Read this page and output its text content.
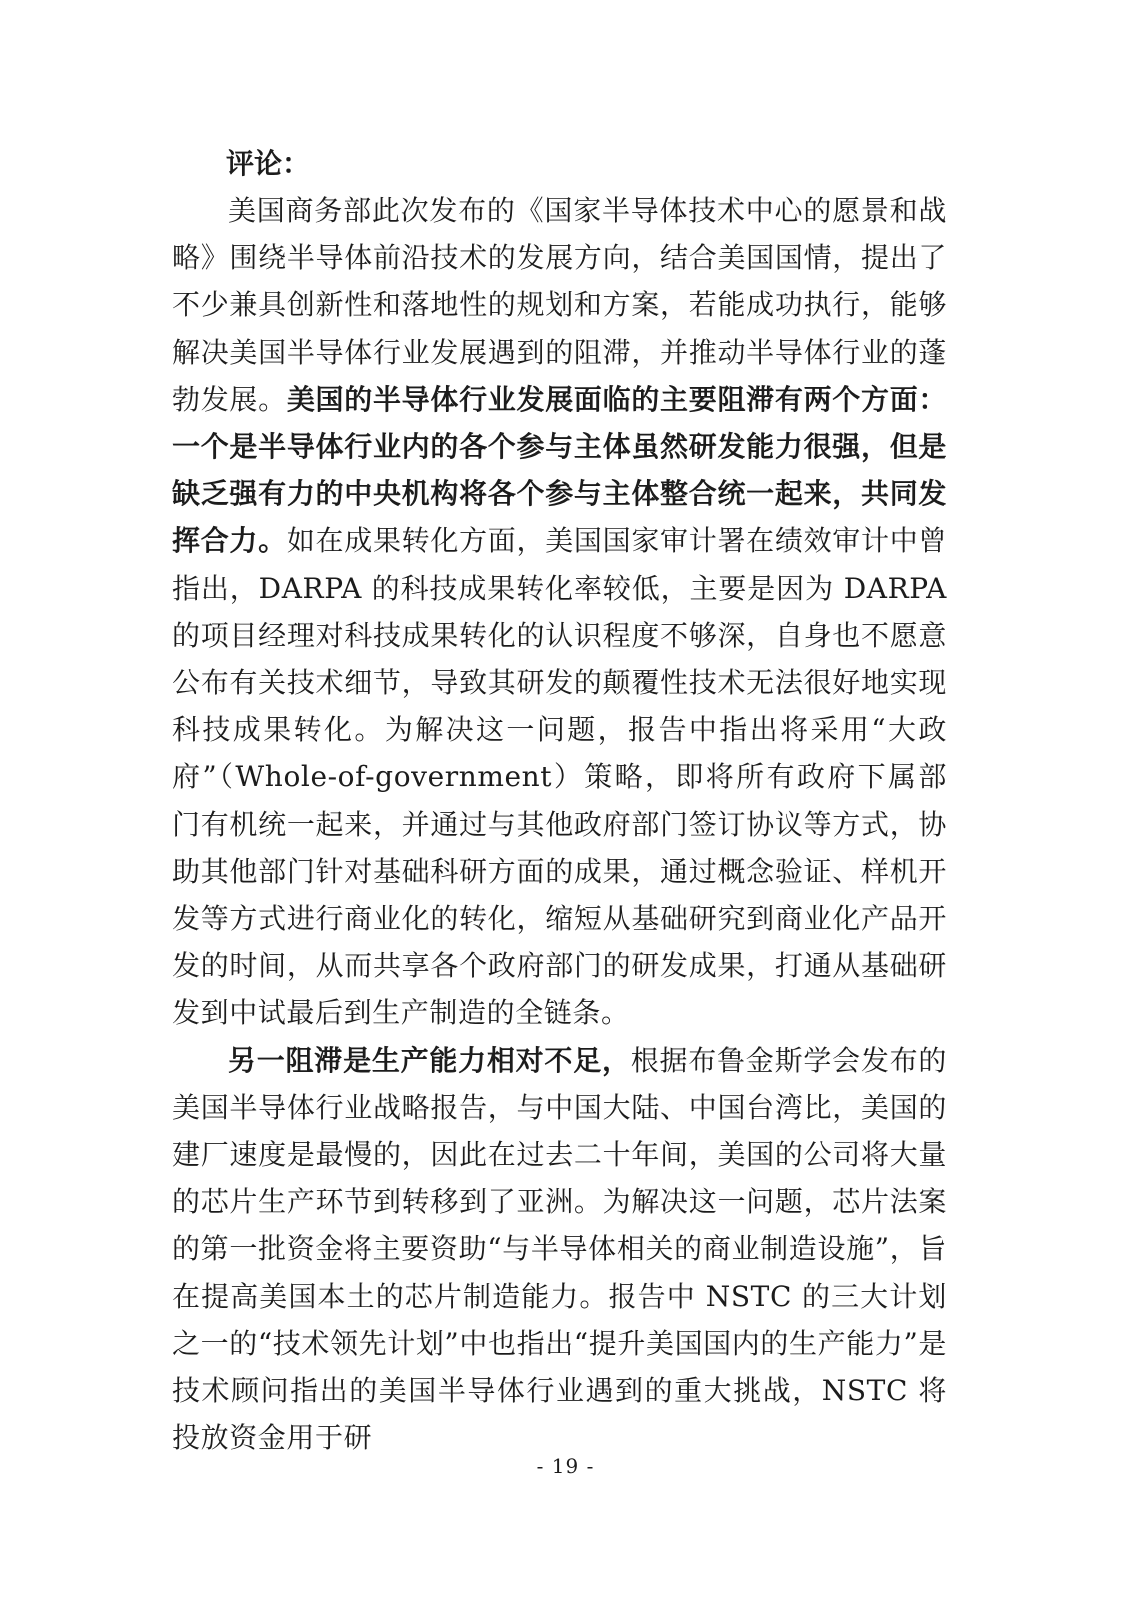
评论：

美国商务部此次发布的《国家半导体技术中心的愿景和战略》围绕半导体前沿技术的发展方向，结合美国国情，提出了不少兼具创新性和落地性的规划和方案，若能成功执行，能够解决美国半导体行业发展遇到的阻滞，并推动半导体行业的蓬勃发展。美国的半导体行业发展面临的主要阻滞有两个方面：一个是半导体行业内的各个参与主体虽然研发能力很强，但是缺乏强有力的中央机构将各个参与主体整合统一起来，共同发挥合力。如在成果转化方面，美国国家审计署在绩效审计中曾指出，DARPA 的科技成果转化率较低，主要是因为 DARPA 的项目经理对科技成果转化的认识程度不够深，自身也不愿意公布有关技术细节，导致其研发的颠覆性技术无法很好地实现科技成果转化。为解决这一问题，报告中指出将采用“大政府”（Whole-of-government）策略，即将所有政府下属部门有机统一起来，并通过与其他政府部门签订协议等方式，协助其他部门针对基础科研方面的成果，通过概念验证、样机开发等方式进行商业化的转化，缩短从基础研究到商业化产品开发的时间，从而共享各个政府部门的研发成果，打通从基础研发到中试最后到生产制造的全链条。

另一阻滞是生产能力相对不足，根据布鲁金斯学会发布的美国半导体行业战略报告，与中国大陆、中国台湾比，美国的建厂速度是最慢的，因此在过去二十年间，美国的公司将大量的芯片生产环节到转移到了亚洲。为解决这一问题，芯片法案的第一批资金将主要资助“与半导体相关的商业制造设施”，旨在提高美国本土的芯片制造能力。报告中 NSTC 的三大计划之一的“技术领先计划”中也指出“提升美国国内的生产能力”是技术顾问指出的美国半导体行业遇到的重大挑战，NSTC 将投放资金用于研

- 19 -
